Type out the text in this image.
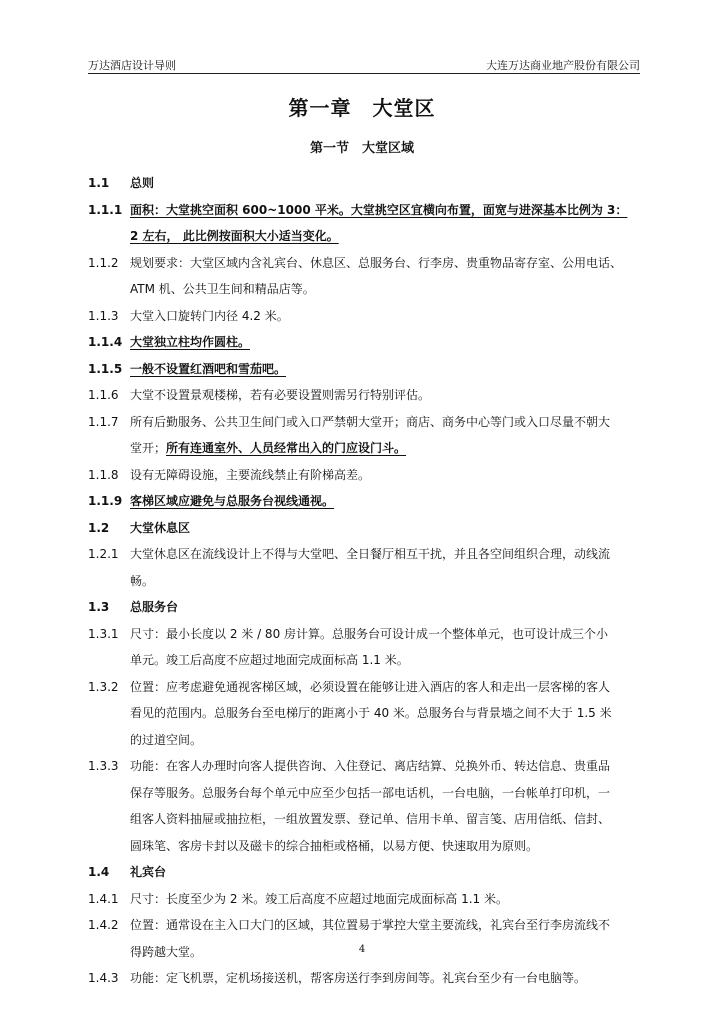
万达酒店设计导则	大连万达商业地产股份有限公司
第一章　大堂区
第一节　大堂区域
1.1	总则
1.1.1 面积：大堂挑空面积 600~1000 平米。大堂挑空区宜横向布置，面宽与进深基本比例为 3：
2 左右， 此比例按面积大小适当变化。
1.1.2 规划要求：大堂区域内含礼宾台、休息区、总服务台、行李房、贵重物品寄存室、公用电话、
ATM 机、公共卫生间和精品店等。
1.1.3 大堂入口旋转门内径 4.2 米。
1.1.4 大堂独立柱均作圆柱。
1.1.5 一般不设置红酒吧和雪茄吧。
1.1.6 大堂不设置景观楼梯，若有必要设置则需另行特别评估。
1.1.7 所有后勤服务、公共卫生间门或入口严禁朝大堂开；商店、商务中心等门或入口尽量不朝大
堂开；所有连通室外、人员经常出入的门应设门斗。
1.1.8 设有无障碍设施，主要流线禁止有阶梯高差。
1.1.9 客梯区域应避免与总服务台视线通视。
1.2	大堂休息区
1.2.1 大堂休息区在流线设计上不得与大堂吧、全日餐厅相互干扰，并且各空间组织合理，动线流
畅。
1.3	总服务台
1.3.1 尺寸：最小长度以 2 米 / 80 房计算。总服务台可设计成一个整体单元，也可设计成三个小
单元。竣工后高度不应超过地面完成面标高 1.1 米。
1.3.2 位置：应考虑避免通视客梯区域，必须设置在能够让进入酒店的客人和走出一层客梯的客人
看见的范围内。总服务台至电梯厅的距离小于 40 米。总服务台与背景墙之间不大于 1.5 米
的过道空间。
1.3.3 功能：在客人办理时向客人提供咨询、入住登记、离店结算、兑换外币、转达信息、贵重品
保存等服务。总服务台每个单元中应至少包括一部电话机，一台电脑，一台帐单打印机，一
组客人资料抽屉或抽拉柜，一组放置发票、登记单、信用卡单、留言笺、店用信纸、信封、
圆珠笔、客房卡封以及磁卡的综合抽柜或格桶，以易方便、快速取用为原则。
1.4	礼宾台
1.4.1 尺寸：长度至少为 2 米。竣工后高度不应超过地面完成面标高 1.1 米。
1.4.2 位置：通常设在主入口大门的区域，其位置易于掌控大堂主要流线，礼宾台至行李房流线不
得跨越大堂。
1.4.3 功能：定飞机票，定机场接送机，帮客房送行李到房间等。礼宾台至少有一台电脑等。
4
